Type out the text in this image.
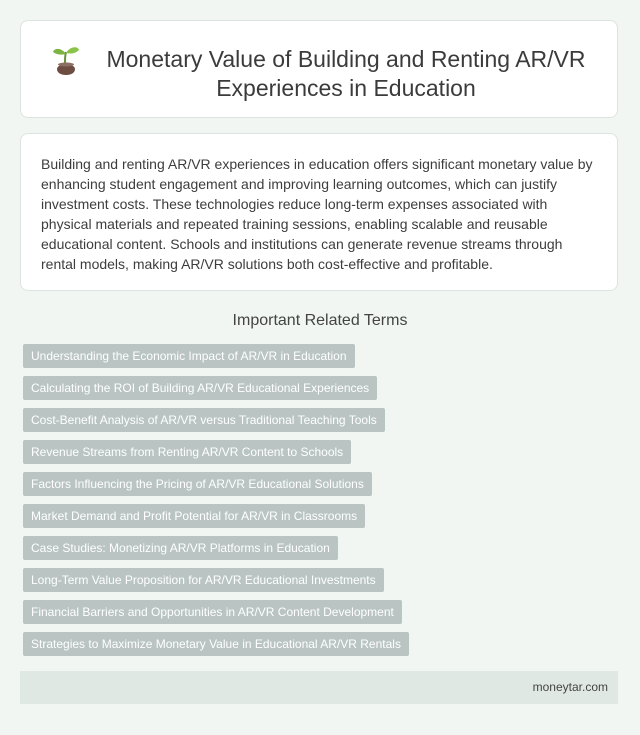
Monetary Value of Building and Renting AR/VR Experiences in Education

Building and renting AR/VR experiences in education offers significant monetary value by enhancing student engagement and improving learning outcomes, which can justify investment costs. These technologies reduce long-term expenses associated with physical materials and repeated training sessions, enabling scalable and reusable educational content. Schools and institutions can generate revenue streams through rental models, making AR/VR solutions both cost-effective and profitable.

Important Related Terms
Understanding the Economic Impact of AR/VR in Education
Calculating the ROI of Building AR/VR Educational Experiences
Cost-Benefit Analysis of AR/VR versus Traditional Teaching Tools
Revenue Streams from Renting AR/VR Content to Schools
Factors Influencing the Pricing of AR/VR Educational Solutions
Market Demand and Profit Potential for AR/VR in Classrooms
Case Studies: Monetizing AR/VR Platforms in Education
Long-Term Value Proposition for AR/VR Educational Investments
Financial Barriers and Opportunities in AR/VR Content Development
Strategies to Maximize Monetary Value in Educational AR/VR Rentals
moneytar.com
